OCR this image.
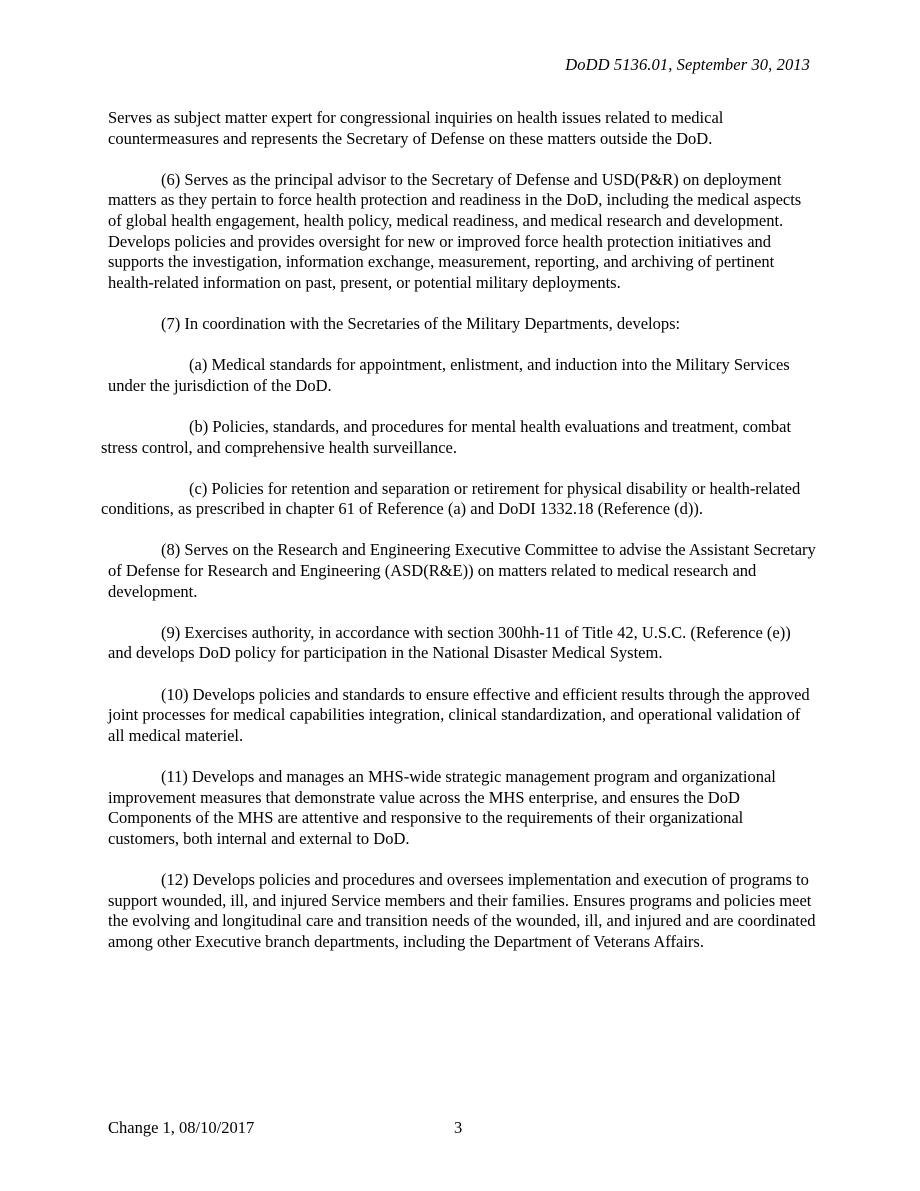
DoDD 5136.01, September 30, 2013

Serves as subject matter expert for congressional inquiries on health issues related to medical countermeasures and represents the Secretary of Defense on these matters outside the DoD.

(6) Serves as the principal advisor to the Secretary of Defense and USD(P&R) on deployment matters as they pertain to force health protection and readiness in the DoD, including the medical aspects of global health engagement, health policy, medical readiness, and medical research and development. Develops policies and provides oversight for new or improved force health protection initiatives and supports the investigation, information exchange, measurement, reporting, and archiving of pertinent health-related information on past, present, or potential military deployments.

(7) In coordination with the Secretaries of the Military Departments, develops:

(a) Medical standards for appointment, enlistment, and induction into the Military Services under the jurisdiction of the DoD.

(b) Policies, standards, and procedures for mental health evaluations and treatment, combat stress control, and comprehensive health surveillance.

(c) Policies for retention and separation or retirement for physical disability or health-related conditions, as prescribed in chapter 61 of Reference (a) and DoDI 1332.18 (Reference (d)).

(8) Serves on the Research and Engineering Executive Committee to advise the Assistant Secretary of Defense for Research and Engineering (ASD(R&E)) on matters related to medical research and development.

(9) Exercises authority, in accordance with section 300hh-11 of Title 42, U.S.C. (Reference (e)) and develops DoD policy for participation in the National Disaster Medical System.

(10) Develops policies and standards to ensure effective and efficient results through the approved joint processes for medical capabilities integration, clinical standardization, and operational validation of all medical materiel.

(11) Develops and manages an MHS-wide strategic management program and organizational improvement measures that demonstrate value across the MHS enterprise, and ensures the DoD Components of the MHS are attentive and responsive to the requirements of their organizational customers, both internal and external to DoD.

(12) Develops policies and procedures and oversees implementation and execution of programs to support wounded, ill, and injured Service members and their families. Ensures programs and policies meet the evolving and longitudinal care and transition needs of the wounded, ill, and injured and are coordinated among other Executive branch departments, including the Department of Veterans Affairs.

Change 1, 08/10/2017	3
